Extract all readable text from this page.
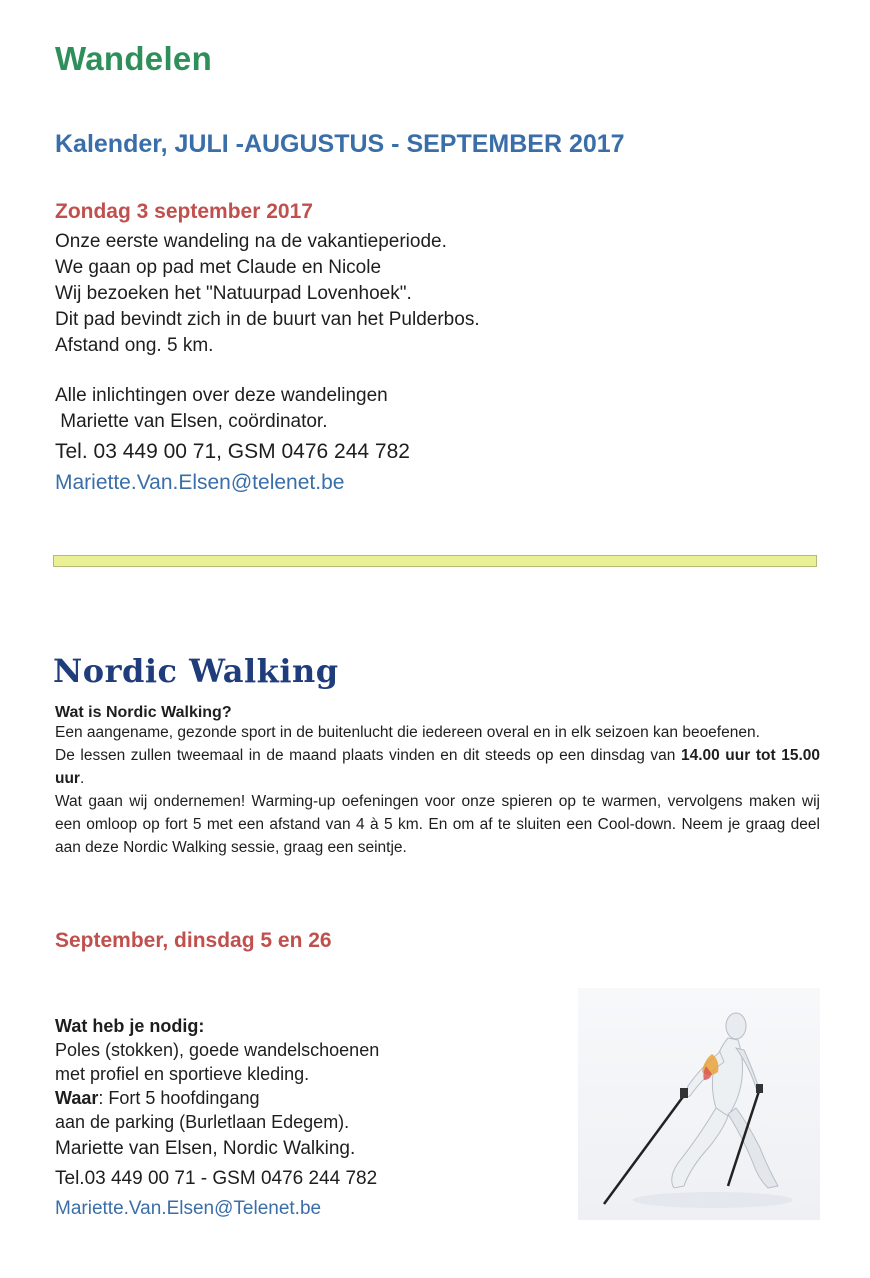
Wandelen
Kalender, JULI -AUGUSTUS - SEPTEMBER 2017
Zondag 3 september 2017
Onze eerste wandeling na de vakantieperiode.
We gaan op pad met Claude en Nicole
Wij bezoeken het "Natuurpad Lovenhoek".
Dit pad bevindt zich in de buurt van het Pulderbos.
Afstand ong. 5 km.
Alle inlichtingen over deze wandelingen
Mariette van Elsen, coördinator.
Tel. 03 449 00 71, GSM 0476 244 782
Mariette.Van.Elsen@telenet.be
Nordic Walking
Wat is Nordic Walking?

Een aangename, gezonde sport in de buitenlucht die iedereen overal en in elk seizoen kan beoefenen.

De lessen zullen tweemaal in de maand plaats vinden en dit steeds op een dinsdag van 14.00 uur tot 15.00 uur.

Wat gaan wij ondernemen! Warming-up oefeningen voor onze spieren op te warmen, vervolgens maken wij een omloop op fort 5 met een afstand van 4 à 5 km. En om af te sluiten een Cool-down. Neem je graag deel aan deze Nordic Walking sessie, graag een seintje.

September, dinsdag 5 en 26
Wat heb je nodig:
Poles (stokken), goede wandelschoenen
met profiel en sportieve kleding.
Waar: Fort 5 hoofdingang
aan de parking (Burletlaan Edegem).
Mariette van Elsen, Nordic Walking.
Tel.03 449 00 71 - GSM 0476 244 782
Mariette.Van.Elsen@Telenet.be
